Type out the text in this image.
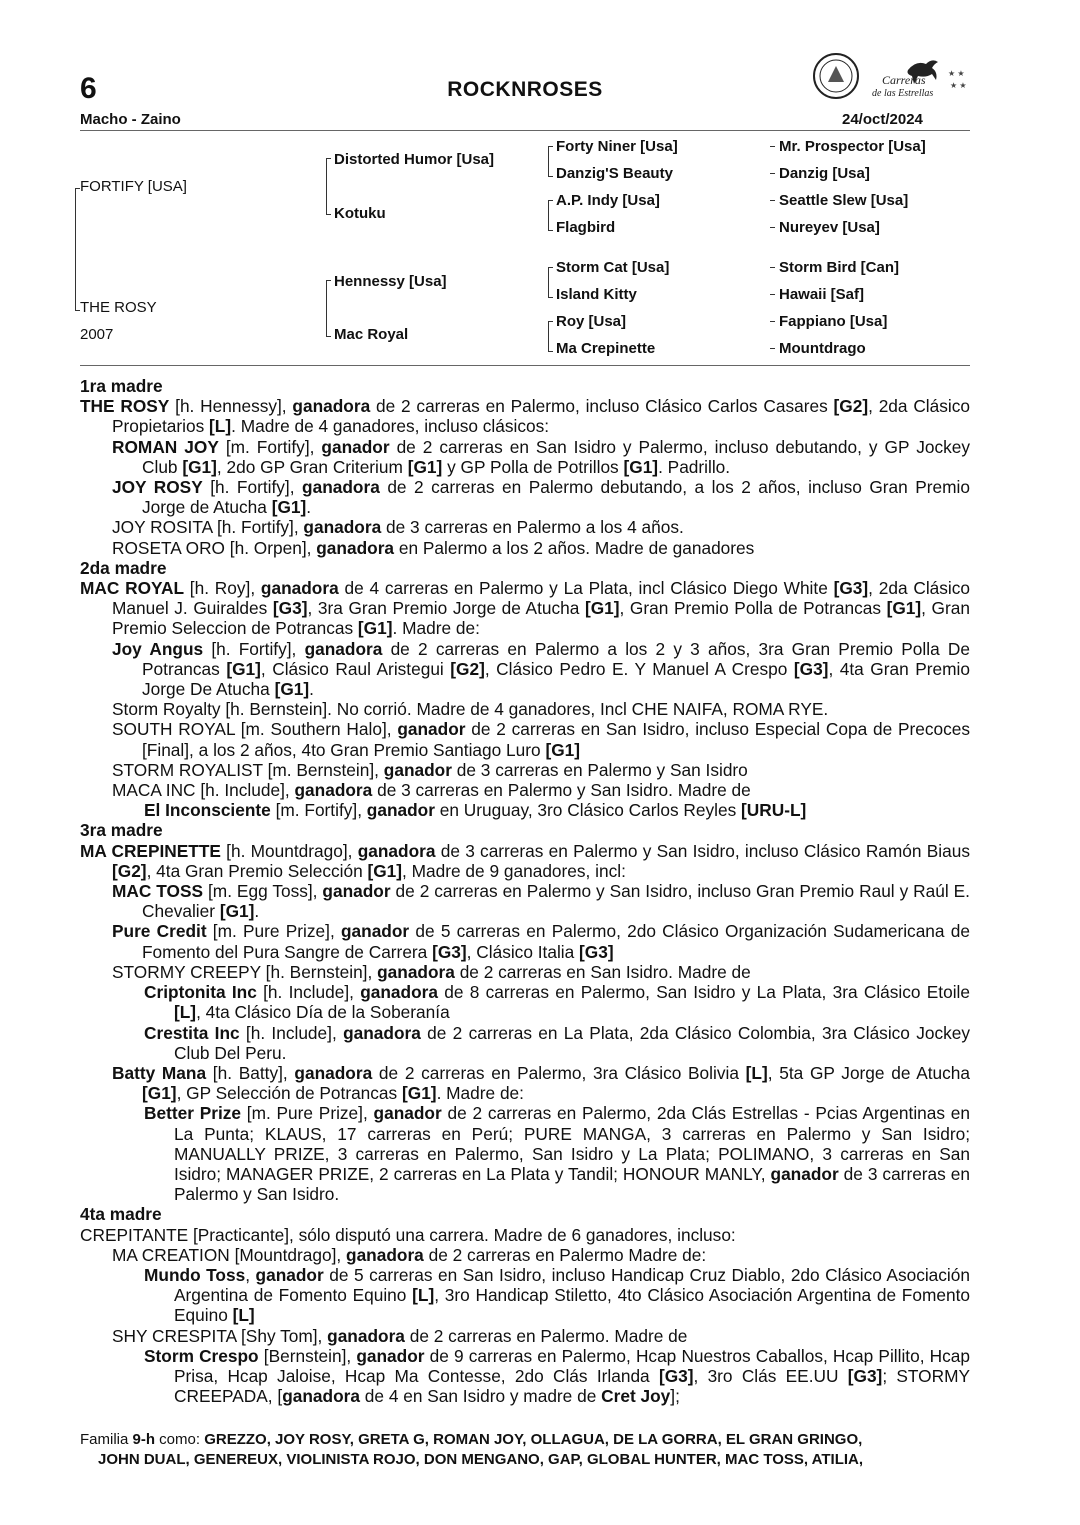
6	ROCKNROSES
Macho - Zaino	24/oct/2024
Carreras
de las Estrellas
★ ★
★ ★
FORTIFY [USA]
THE ROSY
2007
Distorted Humor [Usa]
Kotuku
Hennessy [Usa]
Mac Royal
Forty Niner [Usa]
Danzig'S Beauty
A.P. Indy [Usa]
Flagbird
Storm Cat [Usa]
Island Kitty
Roy [Usa]
Ma Crepinette
Mr. Prospector [Usa]
Danzig [Usa]
Seattle Slew [Usa]
Nureyev [Usa]
Storm Bird [Can]
Hawaii [Saf]
Fappiano [Usa]
Mountdrago
1ra madre
THE ROSY [h. Hennessy], ganadora de 2 carreras en Palermo, incluso Clásico Carlos Casares [G2], 2da Clásico Propietarios [L]. Madre de 4 ganadores, incluso clásicos:
ROMAN JOY [m. Fortify], ganador de 2 carreras en San Isidro y Palermo, incluso debutando, y GP Jockey Club [G1], 2do GP Gran Criterium [G1] y GP Polla de Potrillos [G1]. Padrillo.
JOY ROSY [h. Fortify], ganadora de 2 carreras en Palermo debutando, a los 2 años, incluso Gran Premio Jorge de Atucha [G1].
JOY ROSITA [h. Fortify], ganadora de 3 carreras en Palermo a los 4 años.
ROSETA ORO [h. Orpen], ganadora en Palermo a los 2 años. Madre de ganadores
2da madre
MAC ROYAL [h. Roy], ganadora de 4 carreras en Palermo y La Plata, incl Clásico Diego White [G3], 2da Clásico Manuel J. Guiraldes [G3], 3ra Gran Premio Jorge de Atucha [G1], Gran Premio Polla de Potrancas [G1], Gran Premio Seleccion de Potrancas [G1]. Madre de:
Joy Angus [h. Fortify], ganadora de 2 carreras en Palermo a los 2 y 3 años, 3ra Gran Premio Polla De Potrancas [G1], Clásico Raul Aristegui [G2], Clásico Pedro E. Y Manuel A Crespo [G3], 4ta Gran Premio Jorge De Atucha [G1].
Storm Royalty [h. Bernstein]. No corrió. Madre de 4 ganadores, Incl CHE NAIFA, ROMA RYE.
SOUTH ROYAL [m. Southern Halo], ganador de 2 carreras en San Isidro, incluso Especial Copa de Precoces [Final], a los 2 años, 4to Gran Premio Santiago Luro [G1]
STORM ROYALIST [m. Bernstein], ganador de 3 carreras en Palermo y San Isidro
MACA INC [h. Include], ganadora de 3 carreras en Palermo y San Isidro. Madre de
El Inconsciente [m. Fortify], ganador en Uruguay, 3ro Clásico Carlos Reyles [URU-L]
3ra madre
MA CREPINETTE [h. Mountdrago], ganadora de 3 carreras en Palermo y San Isidro, incluso Clásico Ramón Biaus [G2], 4ta Gran Premio Selección [G1], Madre de 9 ganadores, incl:
MAC TOSS [m. Egg Toss], ganador de 2 carreras en Palermo y San Isidro, incluso Gran Premio Raul y Raúl E. Chevalier [G1].
Pure Credit [m. Pure Prize], ganador de 5 carreras en Palermo, 2do Clásico Organización Sudamericana de Fomento del Pura Sangre de Carrera [G3], Clásico Italia [G3]
STORMY CREEPY [h. Bernstein], ganadora de 2 carreras en San Isidro. Madre de
Criptonita Inc [h. Include], ganadora de 8 carreras en Palermo, San Isidro y La Plata, 3ra Clásico Etoile [L], 4ta Clásico Día de la Soberanía
Crestita Inc [h. Include], ganadora de 2 carreras en La Plata, 2da Clásico Colombia, 3ra Clásico Jockey Club Del Peru.
Batty Mana [h. Batty], ganadora de 2 carreras en Palermo, 3ra Clásico Bolivia [L], 5ta GP Jorge de Atucha [G1], GP Selección de Potrancas [G1]. Madre de:
Better Prize [m. Pure Prize], ganador de 2 carreras en Palermo, 2da Clás Estrellas - Pcias Argentinas en La Punta; KLAUS, 17 carreras en Perú; PURE MANGA, 3 carreras en Palermo y San Isidro; MANUALLY PRIZE, 3 carreras en Palermo, San Isidro y La Plata; POLIMANO, 3 carreras en San Isidro; MANAGER PRIZE, 2 carreras en La Plata y Tandil; HONOUR MANLY, ganador de 3 carreras en Palermo y San Isidro.
4ta madre
CREPITANTE [Practicante], sólo disputó una carrera. Madre de 6 ganadores, incluso:
MA CREATION [Mountdrago], ganadora de 2 carreras en Palermo Madre de:
Mundo Toss, ganador de 5 carreras en San Isidro, incluso Handicap Cruz Diablo, 2do Clásico Asociación Argentina de Fomento Equino [L], 3ro Handicap Stiletto, 4to Clásico Asociación Argentina de Fomento Equino [L]
SHY CRESPITA [Shy Tom], ganadora de 2 carreras en Palermo. Madre de
Storm Crespo [Bernstein], ganador de 9 carreras en Palermo, Hcap Nuestros Caballos, Hcap Pillito, Hcap Prisa, Hcap Jaloise, Hcap Ma Contesse, 2do Clás Irlanda [G3], 3ro Clás EE.UU [G3]; STORMY CREEPADA, [ganadora de 4 en San Isidro y madre de Cret Joy];
Familia 9-h como: GREZZO, JOY ROSY, GRETA G, ROMAN JOY, OLLAGUA, DE LA GORRA, EL GRAN GRINGO,
JOHN DUAL, GENEREUX, VIOLINISTA ROJO, DON MENGANO, GAP, GLOBAL HUNTER, MAC TOSS, ATILIA,
